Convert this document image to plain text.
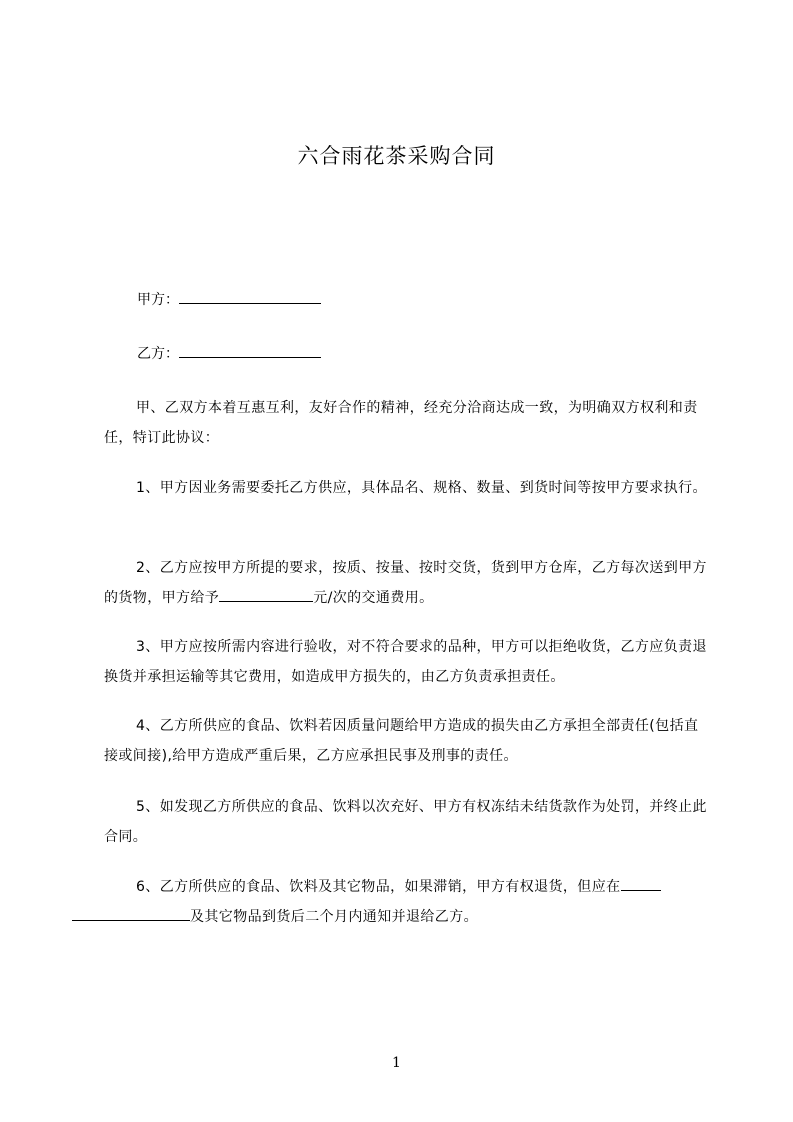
六合雨花茶采购合同
甲方：
乙方：
甲、乙双方本着互惠互利，友好合作的精神，经充分洽商达成一致，为明确双方权利和责任，特订此协议：
1、甲方因业务需要委托乙方供应，具体品名、规格、数量、到货时间等按甲方要求执行。
2、乙方应按甲方所提的要求，按质、按量、按时交货，货到甲方仓库，乙方每次送到甲方的货物，甲方给予	元/次的交通费用。
3、甲方应按所需内容进行验收，对不符合要求的品种，甲方可以拒绝收货，乙方应负责退换货并承担运输等其它费用，如造成甲方损失的，由乙方负责承担责任。
4、乙方所供应的食品、饮料若因质量问题给甲方造成的损失由乙方承担全部责任(包括直接或间接),给甲方造成严重后果，乙方应承担民事及刑事的责任。
5、如发现乙方所供应的食品、饮料以次充好、甲方有权冻结未结货款作为处罚，并终止此合同。
6、乙方所供应的食品、饮料及其它物品，如果滞销，甲方有权退货，但应在
及其它物品到货后二个月内通知并退给乙方。
1
